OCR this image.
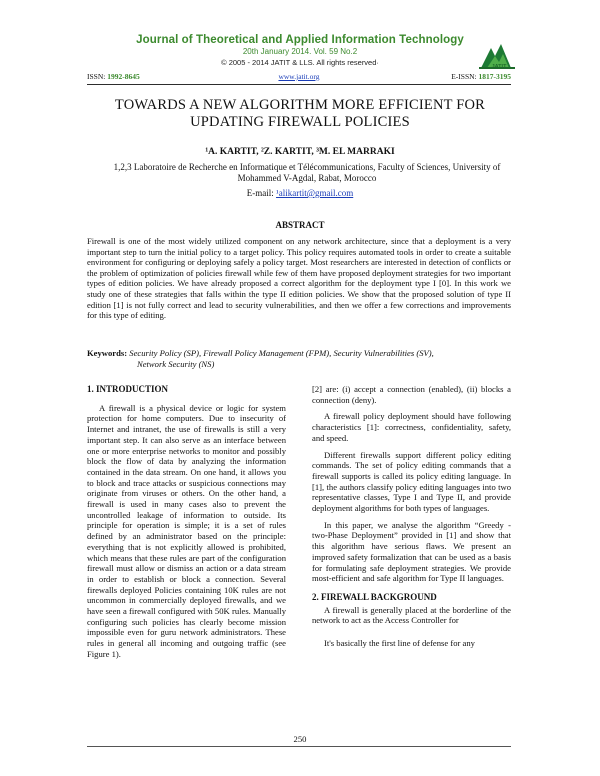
Journal of Theoretical and Applied Information Technology
20th January 2014. Vol. 59 No.2
© 2005 - 2014 JATIT & LLS. All rights reserved·	JATIT
ISSN: 1992-8645	www.jatit.org	E-ISSN: 1817-3195
TOWARDS A NEW ALGORITHM MORE EFFICIENT FOR UPDATING FIREWALL POLICIES
¹A. KARTIT, ²Z. KARTIT, ³M. EL MARRAKI
1,2,3 Laboratoire de Recherche en Informatique et Télécommunications, Faculty of Sciences, University of Mohammed V-Agdal, Rabat, Morocco
E-mail: ¹alikartit@gmail.com
ABSTRACT
Firewall is one of the most widely utilized component on any network architecture, since that a deployment is a very important step to turn the initial policy to a target policy. This policy requires automated tools in order to create a suitable environment for configuring or deploying safely a policy target. Most researchers are interested in detection of conflicts or the problem of optimization of policies firewall while few of them have proposed deployment strategies for two important types of edition policies. We have already proposed a correct algorithm for the deployment type I [0]. In this work we study one of these strategies that falls within the type II edition policies. We show that the proposed solution of type II edition [1] is not fully correct and lead to security vulnerabilities, and then we offer a few corrections and improvements for this type of editing.
Keywords: Security Policy (SP), Firewall Policy Management (FPM), Security Vulnerabilities (SV),
Network Security (NS)
1. INTRODUCTION
A firewall is a physical device or logic for system protection for home computers. Due to insecurity of Internet and intranet, the use of firewalls is still a very important step. It can also serve as an interface between one or more enterprise networks to monitor and possibly block the flow of data by analyzing the information contained in the data stream. On one hand, it allows you to block and trace attacks or suspicious connections may originate from viruses or others. On the other hand, a firewall is used in many cases also to prevent the uncontrolled leakage of information to outside. Its principle for operation is simple; it is a set of rules defined by an administrator based on the principle: everything that is not explicitly allowed is prohibited, which means that these rules are part of the configuration firewall must allow or dismiss an action or a data stream in order to establish or block a connection. Several firewalls deployed Policies containing 10K rules are not uncommon in commercially deployed firewalls, and we have seen a firewall configured with 50K rules. Manually configuring such policies has clearly become mission impossible even for guru network administrators. These rules in general all incoming and outgoing traffic (see Figure 1).
[2] are: (i) accept a connection (enabled), (ii) blocks a connection (deny).
A firewall policy deployment should have following characteristics [1]: correctness, confidentiality, safety, and speed.
Different firewalls support different policy editing commands. The set of policy editing commands that a firewall supports is called its policy editing language. In [1], the authors classify policy editing languages into two representative classes, Type I and Type II, and provide deployment algorithms for both types of languages.
In this paper, we analyse the algorithm “Greedy - two-Phase Deployment” provided in [1] and show that this algorithm have serious flaws. We present an improved safety formalization that can be used as a basis for formulating safe deployment strategies. We provide most-efficient and safe algorithm for Type II languages.
2. FIREWALL BACKGROUND
A firewall is generally placed at the borderline of the network to act as the Access Controller for
It's basically the first line of defense for any
250
